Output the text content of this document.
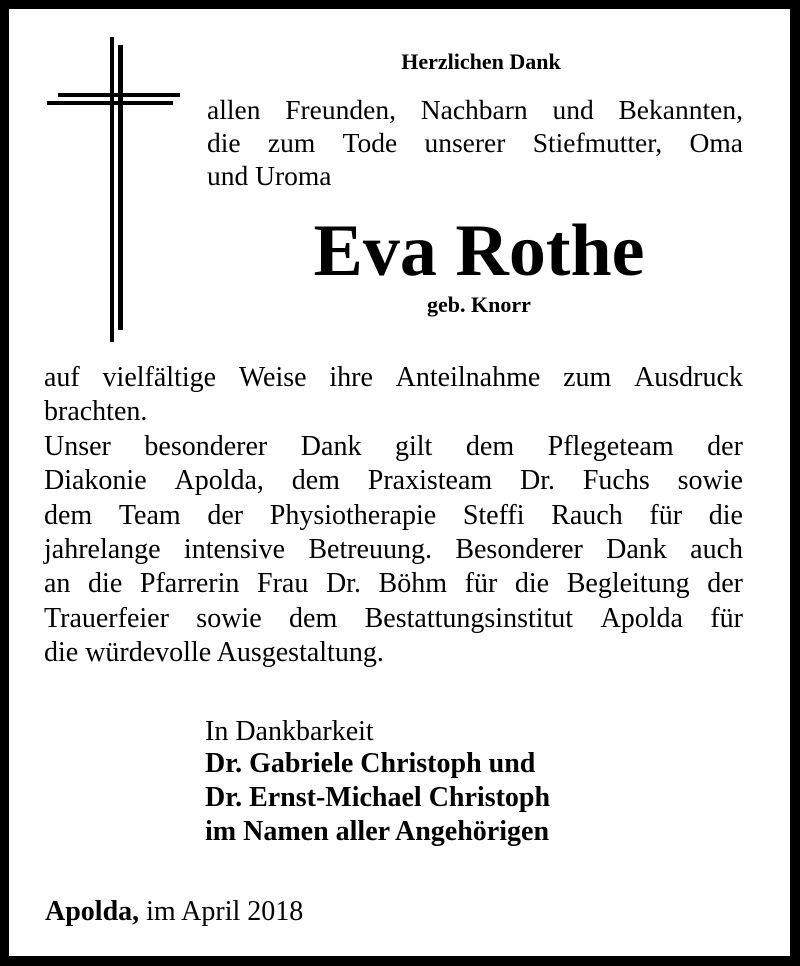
Herzlichen Dank
allen Freunden, Nachbarn und Bekannten,
die zum Tode unserer Stiefmutter, Oma
und Uroma
Eva Rothe
geb. Knorr
auf vielfältige Weise ihre Anteilnahme zum Ausdruck
brachten.
Unser besonderer Dank gilt dem Pflegeteam der
Diakonie Apolda, dem Praxisteam Dr. Fuchs sowie
dem Team der Physiotherapie Steffi Rauch für die
jahrelange intensive Betreuung. Besonderer Dank auch
an die Pfarrerin Frau Dr. Böhm für die Begleitung der
Trauerfeier sowie dem Bestattungsinstitut Apolda für
die würdevolle Ausgestaltung.
In Dankbarkeit
Dr. Gabriele Christoph und
Dr. Ernst-Michael Christoph
im Namen aller Angehörigen
Apolda, im April 2018
